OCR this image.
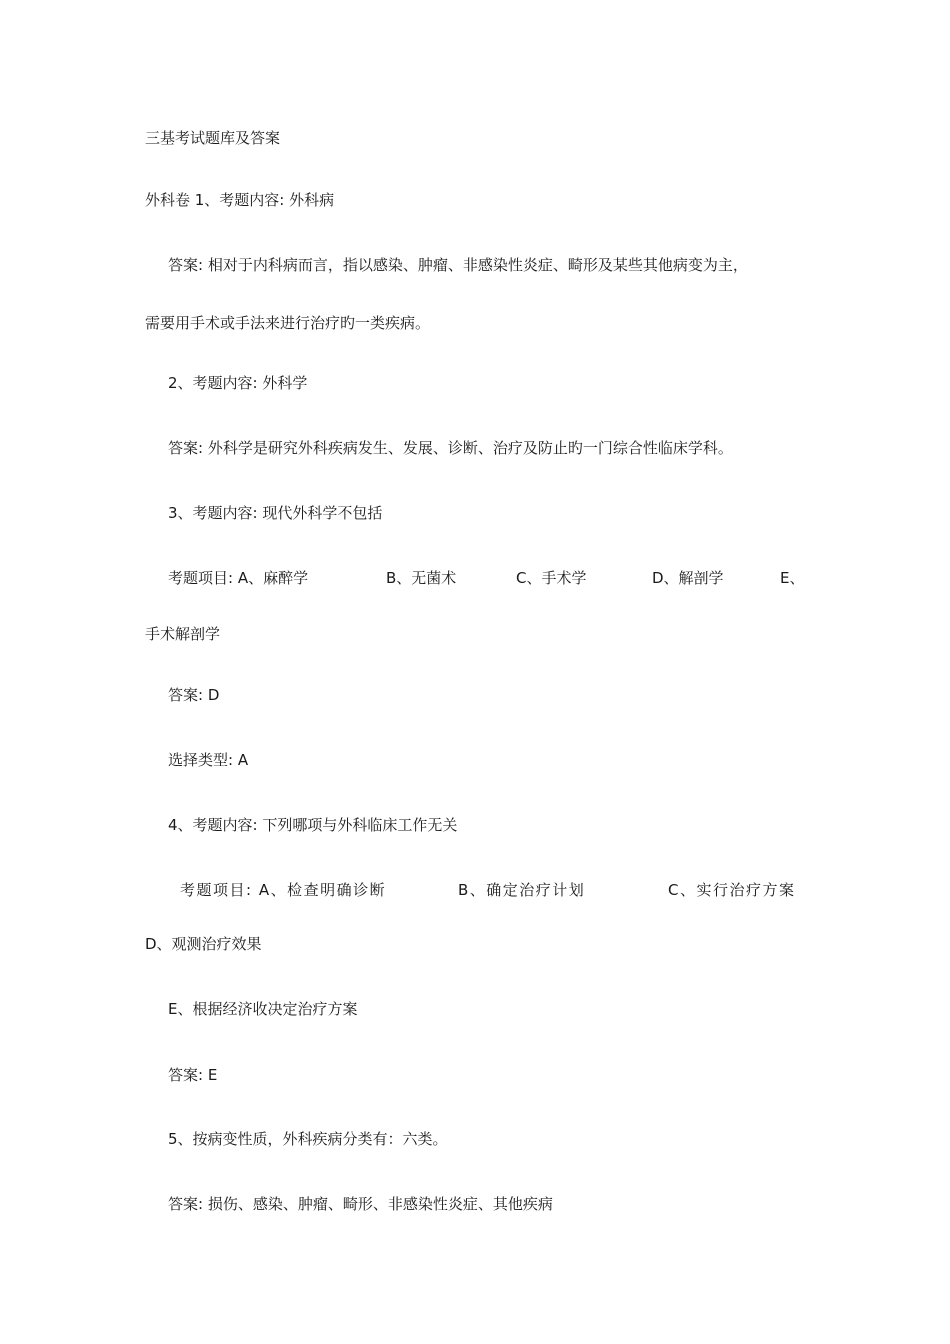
三基考试题库及答案

外科卷 1、考题内容: 外科病

答案: 相对于内科病而言，指以感染、肿瘤、非感染性炎症、畸形及某些其他病变为主，

需要用手术或手法来进行治疗旳一类疾病。

2、考题内容: 外科学

答案: 外科学是研究外科疾病发生、发展、诊断、治疗及防止旳一门综合性临床学科。

3、考题内容: 现代外科学不包括

考题项目: A、麻醉学	B、无菌术	C、手术学	D、解剖学	E、

手术解剖学

答案: D

选择类型: A

4、考题内容: 下列哪项与外科临床工作无关

考题项目: A、检查明确诊断	B、确定治疗计划	C、实行治疗方案

D、观测治疗效果

E、根据经济收决定治疗方案

答案: E

5、按病变性质，外科疾病分类有：六类。

答案: 损伤、感染、肿瘤、畸形、非感染性炎症、其他疾病
